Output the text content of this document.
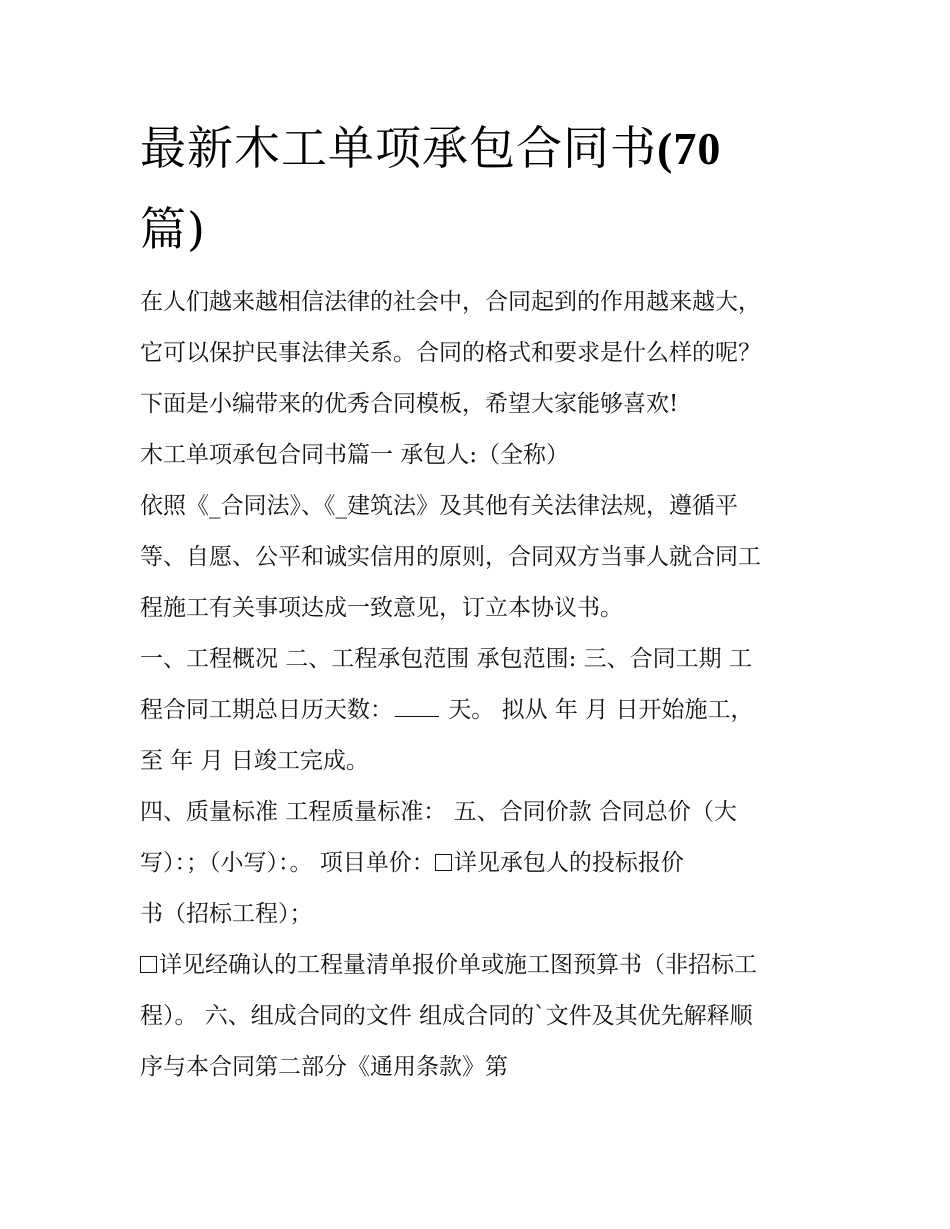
最新木工单项承包合同书(70
篇)

在人们越来越相信法律的社会中，合同起到的作用越来越大，

它可以保护民事法律关系。合同的格式和要求是什么样的呢？

下面是小编带来的优秀合同模板，希望大家能够喜欢!

木工单项承包合同书篇一 承包人:（全称）

依照《_合同法》、《_建筑法》及其他有关法律法规，遵循平

等、自愿、公平和诚实信用的原则，合同双方当事人就合同工

程施工有关事项达成一致意见，订立本协议书。

一、工程概况 二、工程承包范围 承包范围: 三、合同工期 工

程合同工期总日历天数： 天。 拟从 年 月 日开始施工，

至 年 月 日竣工完成。

四、质量标准 工程质量标准： 五、合同价款 合同总价（大

写）：；（小写）：。 项目单价： 详见承包人的投标报价

书（招标工程）；

详见经确认的工程量清单报价单或施工图预算书（非招标工

程）。 六、组成合同的文件 组成合同的`文件及其优先解释顺

序与本合同第二部分《通用条款》第
